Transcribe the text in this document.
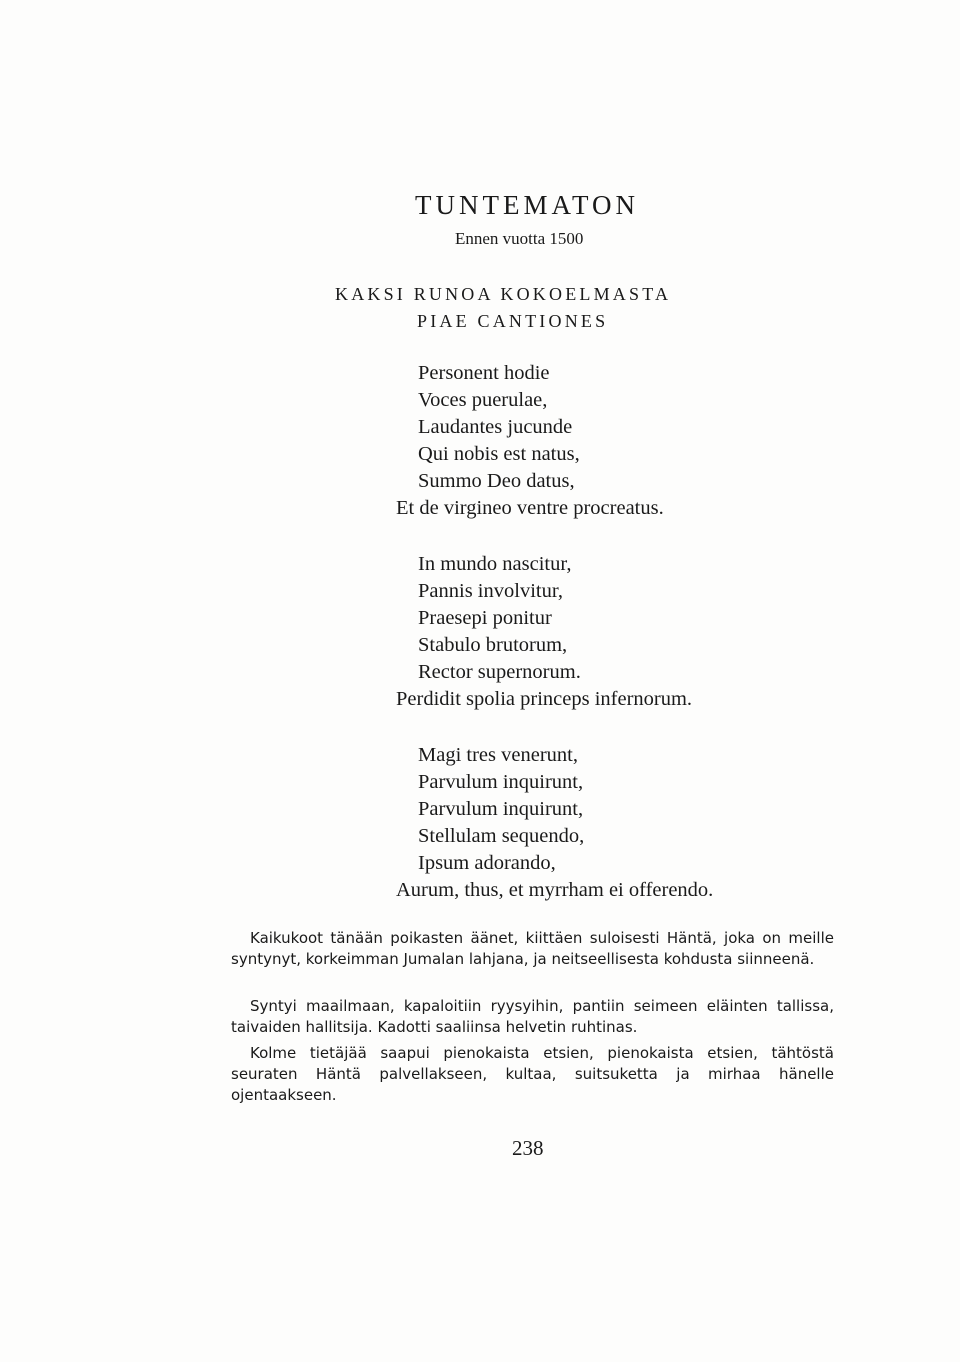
TUNTEMATON
Ennen vuotta 1500
KAKSI RUNOA KOKOELMASTA
PIAE CANTIONES
Personent hodie
Voces puerulae,
Laudantes jucunde
Qui nobis est natus,
Summo Deo datus,
Et de virgineo ventre procreatus.
In mundo nascitur,
Pannis involvitur,
Praesepi ponitur
Stabulo brutorum,
Rector supernorum.
Perdidit spolia princeps infernorum.
Magi tres venerunt,
Parvulum inquirunt,
Parvulum inquirunt,
Stellulam sequendo,
Ipsum adorando,
Aurum, thus, et myrrham ei offerendo.

Kaikukoot tänään poikasten äänet, kiittäen suloisesti Häntä, joka on meille syntynyt, korkeimman Jumalan lahjana, ja neitseellisesta kohdusta siinneenä.

Syntyi maailmaan, kapaloitiin ryysyihin, pantiin seimeen eläinten tallissa, taivaiden hallitsija. Kadotti saaliinsa helvetin ruhtinas.

Kolme tietäjää saapui pienokaista etsien, pienokaista etsien, tähtöstä seuraten Häntä palvellakseen, kultaa, suitsuketta ja mirhaa hänelle ojentaakseen.

238
